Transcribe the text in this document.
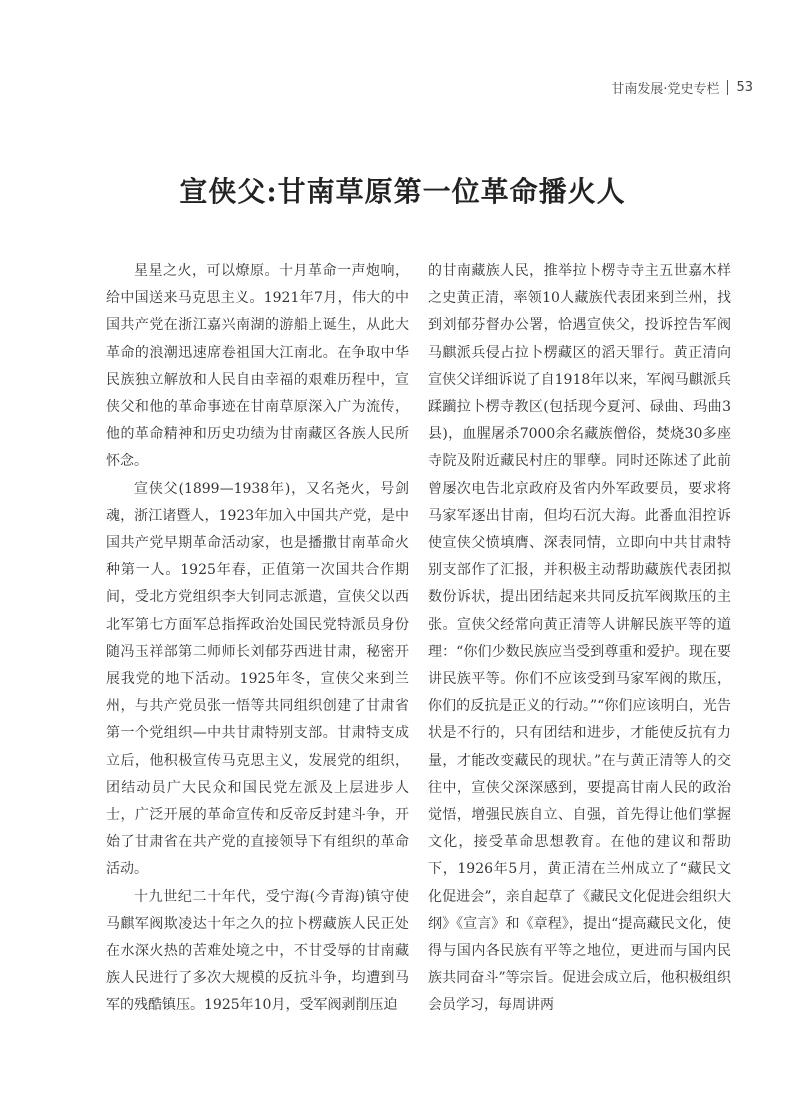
甘南发展·党史专栏 53
宣侠父:甘南草原第一位革命播火人

星星之火，可以燎原。十月革命一声炮响，给中国送来马克思主义。1921年7月，伟大的中国共产党在浙江嘉兴南湖的游船上诞生，从此大革命的浪潮迅速席卷祖国大江南北。在争取中华民族独立解放和人民自由幸福的艰难历程中，宣侠父和他的革命事迹在甘南草原深入广为流传，他的革命精神和历史功绩为甘南藏区各族人民所怀念。

宣侠父(1899—1938年)，又名尧火，号剑魂，浙江诸暨人，1923年加入中国共产党，是中国共产党早期革命活动家，也是播撒甘南革命火种第一人。1925年春，正值第一次国共合作期间，受北方党组织李大钊同志派遣，宣侠父以西北军第七方面军总指挥政治处国民党特派员身份随冯玉祥部第二师师长刘郁芬西进甘肃，秘密开展我党的地下活动。1925年冬，宣侠父来到兰州，与共产党员张一悟等共同组织创建了甘肃省第一个党组织—中共甘肃特别支部。甘肃特支成立后，他积极宣传马克思主义，发展党的组织，团结动员广大民众和国民党左派及上层进步人士，广泛开展的革命宣传和反帝反封建斗争，开始了甘肃省在共产党的直接领导下有组织的革命活动。

十九世纪二十年代，受宁海(今青海)镇守使马麒军阀欺凌达十年之久的拉卜楞藏族人民正处在水深火热的苦难处境之中，不甘受辱的甘南藏族人民进行了多次大规模的反抗斗争，均遭到马军的残酷镇压。1925年10月，受军阀剥削压迫

的甘南藏族人民，推举拉卜楞寺寺主五世嘉木样之史黄正清，率领10人藏族代表团来到兰州，找到刘郁芬督办公署，恰遇宣侠父，投诉控告军阀马麒派兵侵占拉卜楞藏区的滔天罪行。黄正清向宣侠父详细诉说了自1918年以来，军阀马麒派兵蹂躏拉卜楞寺教区(包括现今夏河、碌曲、玛曲3县)，血腥屠杀7000余名藏族僧俗，焚烧30多座寺院及附近藏民村庄的罪孽。同时还陈述了此前曾屡次电告北京政府及省内外军政要员，要求将马家军逐出甘南，但均石沉大海。此番血泪控诉使宣侠父愤填膺、深表同情，立即向中共甘肃特别支部作了汇报，并积极主动帮助藏族代表团拟数份诉状，提出团结起来共同反抗军阀欺压的主张。宣侠父经常向黄正清等人讲解民族平等的道理：“你们少数民族应当受到尊重和爱护。现在要讲民族平等。你们不应该受到马家军阀的欺压，你们的反抗是正义的行动。”“你们应该明白，光告状是不行的，只有团结和进步，才能使反抗有力量，才能改变藏民的现状。”在与黄正清等人的交往中，宣侠父深深感到，要提高甘南人民的政治觉悟，增强民族自立、自强，首先得让他们掌握文化，接受革命思想教育。在他的建议和帮助下，1926年5月，黄正清在兰州成立了“藏民文化促进会”，亲自起草了《藏民文化促进会组织大纲》《宣言》和《章程》，提出“提高藏民文化，使得与国内各民族有平等之地位，更进而与国内民族共同奋斗”等宗旨。促进会成立后，他积极组织会员学习，每周讲两
